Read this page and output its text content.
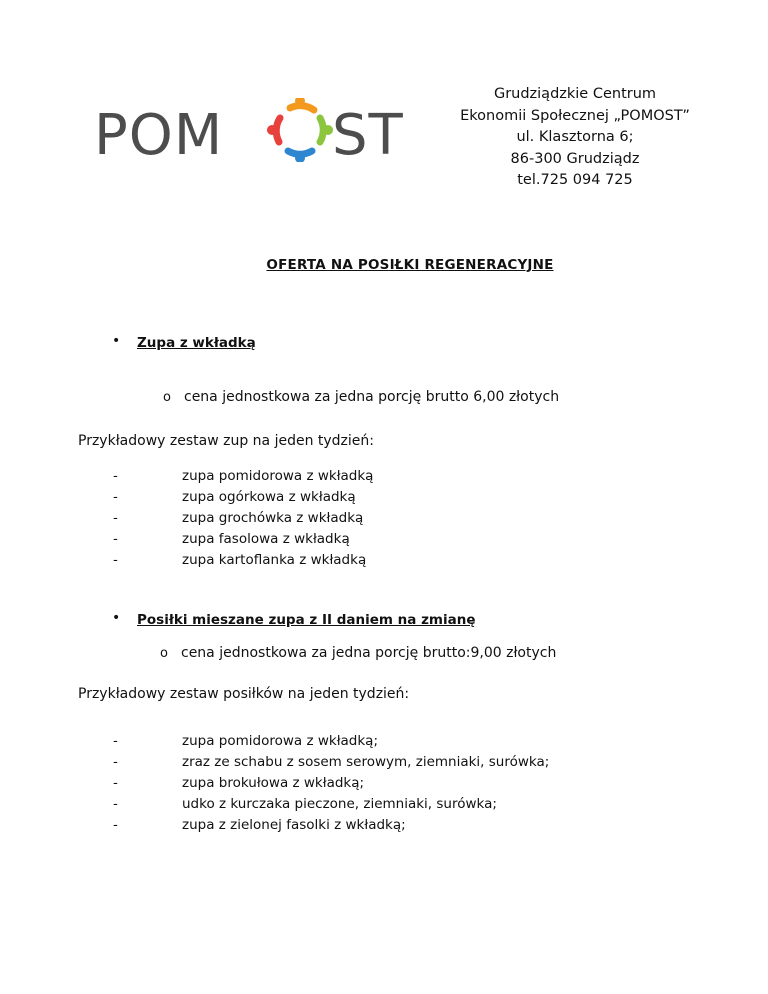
POM ST
Grudziądzkie Centrum
Ekonomii Społecznej „POMOST”
ul. Klasztorna 6;
86-300 Grudziądz
tel.725 094 725
OFERTA NA POSIŁKI REGENERACYJNE
• Zupa z wkładką
o cena jednostkowa za jedna porcję brutto 6,00 złotych
Przykładowy zestaw zup na jeden tydzień:
-	zupa pomidorowa z wkładką
-	zupa ogórkowa z wkładką
-	zupa grochówka z wkładką
-	zupa fasolowa z wkładką
-	zupa kartoflanka z wkładką
• Posiłki mieszane zupa z II daniem na zmianę
o cena jednostkowa za jedna porcję brutto:9,00 złotych
Przykładowy zestaw posiłków na jeden tydzień:
-	zupa pomidorowa z wkładką;
-	zraz ze schabu z sosem serowym, ziemniaki, surówka;
-	zupa brokułowa z wkładką;
-	udko z kurczaka pieczone, ziemniaki, surówka;
-	zupa z zielonej fasolki z wkładką;
